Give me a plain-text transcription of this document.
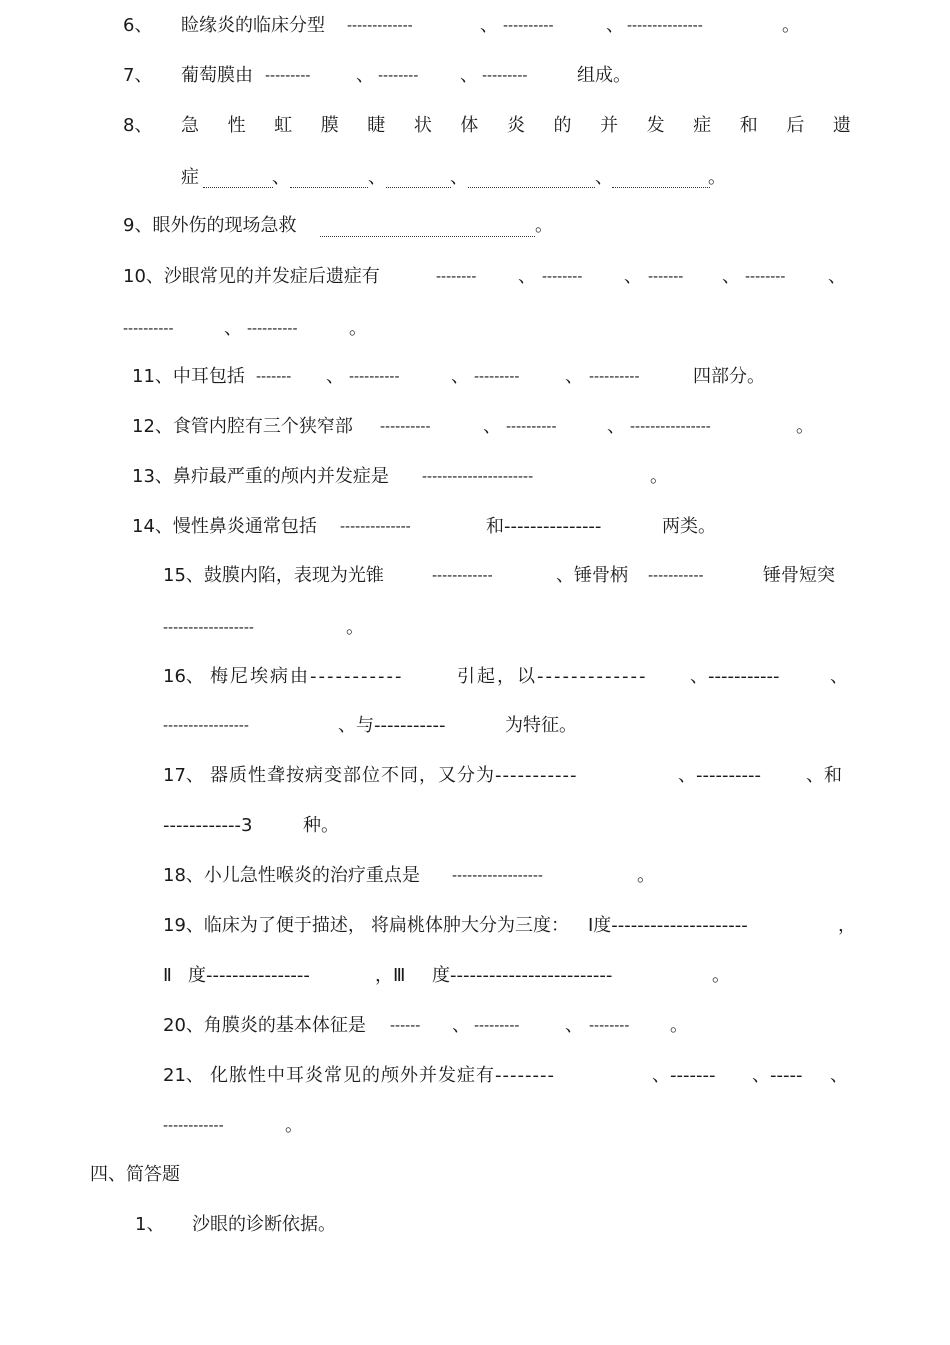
6、 睑缘炎的临床分型 -------------	、 ----------	、 ---------------	。
7、 葡萄膜由 ---------	、 -------- 、 ---------	组成。
8、 急 性 虹 膜 睫 状 体 炎 的 并 发 症 和 后 遗
症	、	、	、	、	。
9、眼外伤的现场急救	。
10、沙眼常见的并发症后遗症有	-------- 、 -------- 、 ------- 、 -------- 、
----------	、 ----------	。
11、中耳包括 ------- 、 ----------	、 ---------	、 ----------	四部分。
12、食管内腔有三个狭窄部 ----------	、 ----------	、 ----------------	。
13、鼻疖最严重的颅内并发症是 ----------------------	。
14、慢性鼻炎通常包括 --------------	和---------------	两类。
15、鼓膜内陷，表现为光锥	------------	、锤骨柄 -----------	锤骨短突
------------------	。
16、 梅尼埃病由-----------	引起，以------------- 、-----------	、
-----------------	、与-----------	为特征。
17、 器质性聋按病变部位不同，又分为-----------	、----------	、和
------------3	种。
18、小儿急性喉炎的治疗重点是 ------------------	。
19、临床为了便于描述， 将扁桃体肿大分为三度： Ⅰ度---------------------	，
Ⅱ 度----------------	，Ⅲ 度-------------------------	。
20、角膜炎的基本体征是 ------ 、 ---------	、 -------- 。
21、 化脓性中耳炎常见的颅外并发症有--------	、------- 、----- 、
------------	。
四、简答题
1、 沙眼的诊断依据。
